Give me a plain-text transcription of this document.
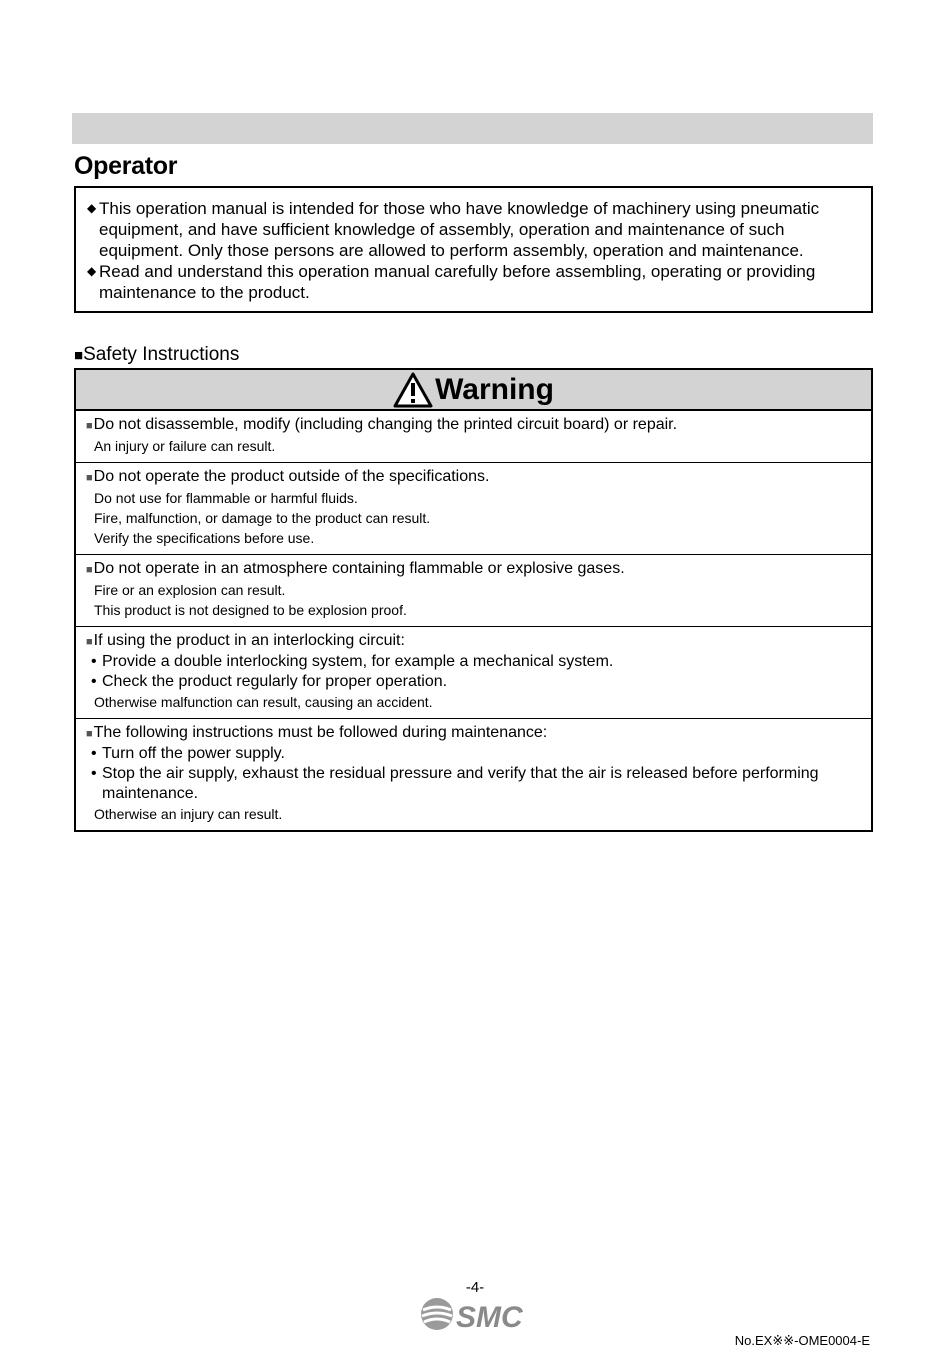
Operator
◆ This operation manual is intended for those who have knowledge of machinery using pneumatic equipment, and have sufficient knowledge of assembly, operation and maintenance of such equipment. Only those persons are allowed to perform assembly, operation and maintenance.
◆ Read and understand this operation manual carefully before assembling, operating or providing maintenance to the product.
■Safety Instructions
Warning
■Do not disassemble, modify (including changing the printed circuit board) or repair.
An injury or failure can result.
■Do not operate the product outside of the specifications.
Do not use for flammable or harmful fluids.
Fire, malfunction, or damage to the product can result.
Verify the specifications before use.
■Do not operate in an atmosphere containing flammable or explosive gases.
Fire or an explosion can result.
This product is not designed to be explosion proof.
■If using the product in an interlocking circuit:
• Provide a double interlocking system, for example a mechanical system.
• Check the product regularly for proper operation.
Otherwise malfunction can result, causing an accident.
■The following instructions must be followed during maintenance:
• Turn off the power supply.
• Stop the air supply, exhaust the residual pressure and verify that the air is released before performing maintenance.
Otherwise an injury can result.
-4-
SMC
No.EX※※-OME0004-E
